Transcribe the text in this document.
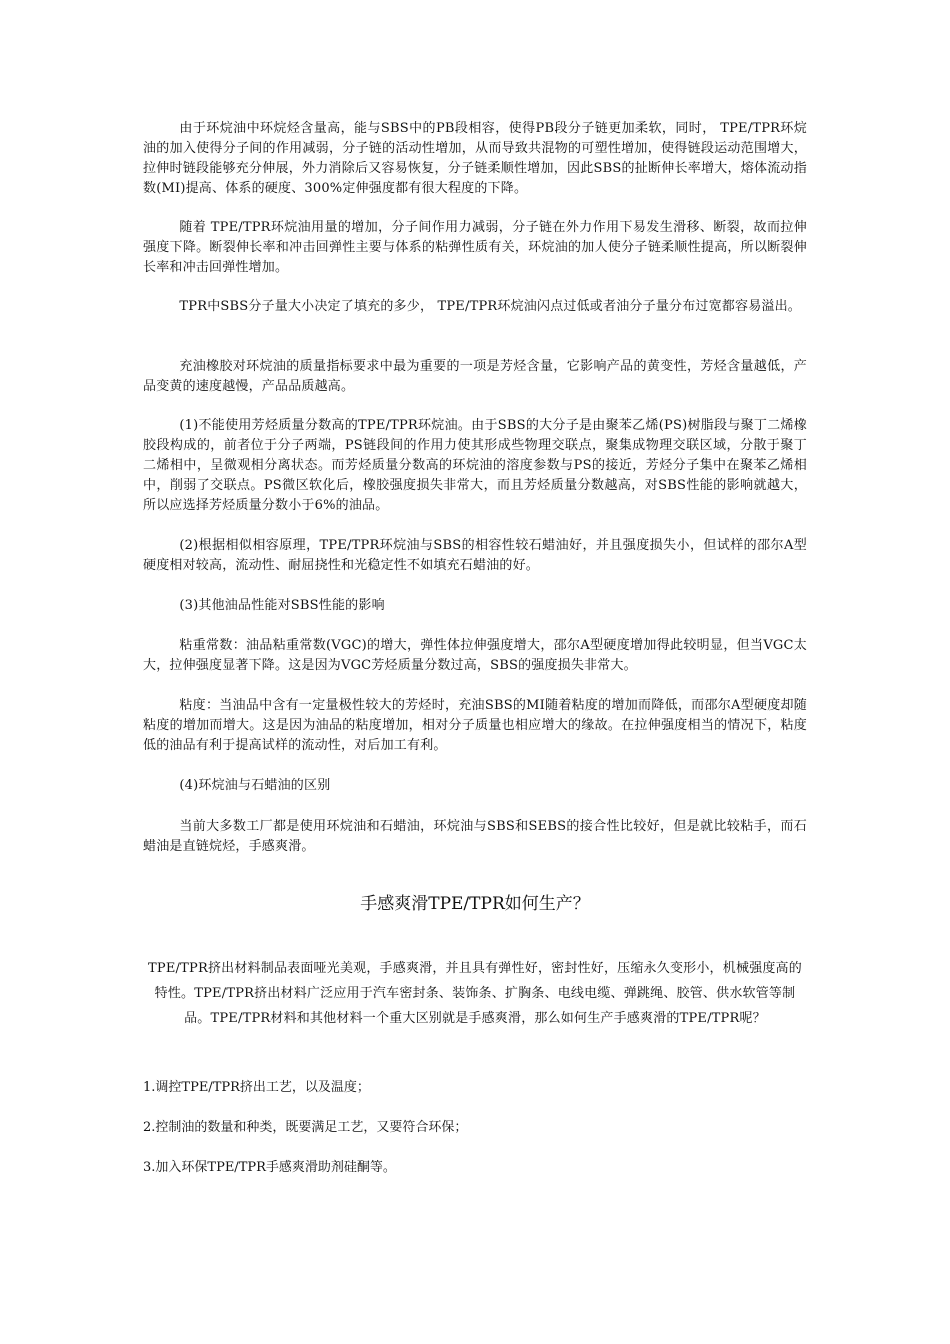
由于环烷油中环烷烃含量高，能与SBS中的PB段相容，使得PB段分子链更加柔软，同时， TPE/TPR环烷油的加入使得分子间的作用减弱，分子链的活动性增加，从而导致共混物的可塑性增加，使得链段运动范围增大，拉伸时链段能够充分伸展，外力消除后又容易恢复，分子链柔顺性增加，因此SBS的扯断伸长率增大，熔体流动指数(MI)提高、体系的硬度、300%定伸强度都有很大程度的下降。

随着 TPE/TPR环烷油用量的增加，分子间作用力减弱，分子链在外力作用下易发生滑移、断裂，故而拉伸强度下降。断裂伸长率和冲击回弹性主要与体系的粘弹性质有关，环烷油的加人使分子链柔顺性提高，所以断裂伸长率和冲击回弹性增加。

TPR中SBS分子量大小决定了填充的多少， TPE/TPR环烷油闪点过低或者油分子量分布过宽都容易溢出。

充油橡胶对环烷油的质量指标要求中最为重要的一项是芳烃含量，它影响产品的黄变性，芳烃含量越低，产品变黄的速度越慢，产品品质越高。

(1)不能使用芳烃质量分数高的TPE/TPR环烷油。由于SBS的大分子是由聚苯乙烯(PS)树脂段与聚丁二烯橡胶段构成的，前者位于分子两端，PS链段间的作用力使其形成些物理交联点，聚集成物理交联区域，分散于聚丁二烯相中，呈微观相分离状态。而芳烃质量分数高的环烷油的溶度参数与PS的接近，芳烃分子集中在聚苯乙烯相中，削弱了交联点。PS微区软化后，橡胶强度损失非常大，而且芳烃质量分数越高，对SBS性能的影响就越大，所以应选择芳烃质量分数小于6%的油品。

(2)根据相似相容原理，TPE/TPR环烷油与SBS的相容性较石蜡油好，并且强度损失小，但试样的邵尔A型硬度相对较高，流动性、耐屈挠性和光稳定性不如填充石蜡油的好。

(3)其他油品性能对SBS性能的影响

粘重常数：油品粘重常数(VGC)的增大，弹性体拉伸强度增大，邵尔A型硬度增加得此较明显，但当VGC太大，拉伸强度显著下降。这是因为VGC芳烃质量分数过高，SBS的强度损失非常大。

粘度：当油品中含有一定量极性较大的芳烃时，充油SBS的MI随着粘度的增加而降低，而邵尔A型硬度却随粘度的增加而增大。这是因为油品的粘度增加，相对分子质量也相应增大的缘故。在拉伸强度相当的情况下，粘度低的油品有利于提高试样的流动性，对后加工有利。

(4)环烷油与石蜡油的区别

当前大多数工厂都是使用环烷油和石蜡油，环烷油与SBS和SEBS的接合性比较好，但是就比较粘手，而石蜡油是直链烷烃，手感爽滑。

手感爽滑TPE/TPR如何生产？

TPE/TPR挤出材料制品表面哑光美观，手感爽滑，并且具有弹性好，密封性好，压缩永久变形小，机械强度高的特性。TPE/TPR挤出材料广泛应用于汽车密封条、装饰条、扩胸条、电线电缆、弹跳绳、胶管、供水软管等制品。TPE/TPR材料和其他材料一个重大区别就是手感爽滑，那么如何生产手感爽滑的TPE/TPR呢？

1.调控TPE/TPR挤出工艺，以及温度；

2.控制油的数量和种类，既要满足工艺，又要符合环保；

3.加入环保TPE/TPR手感爽滑助剂硅酮等。
